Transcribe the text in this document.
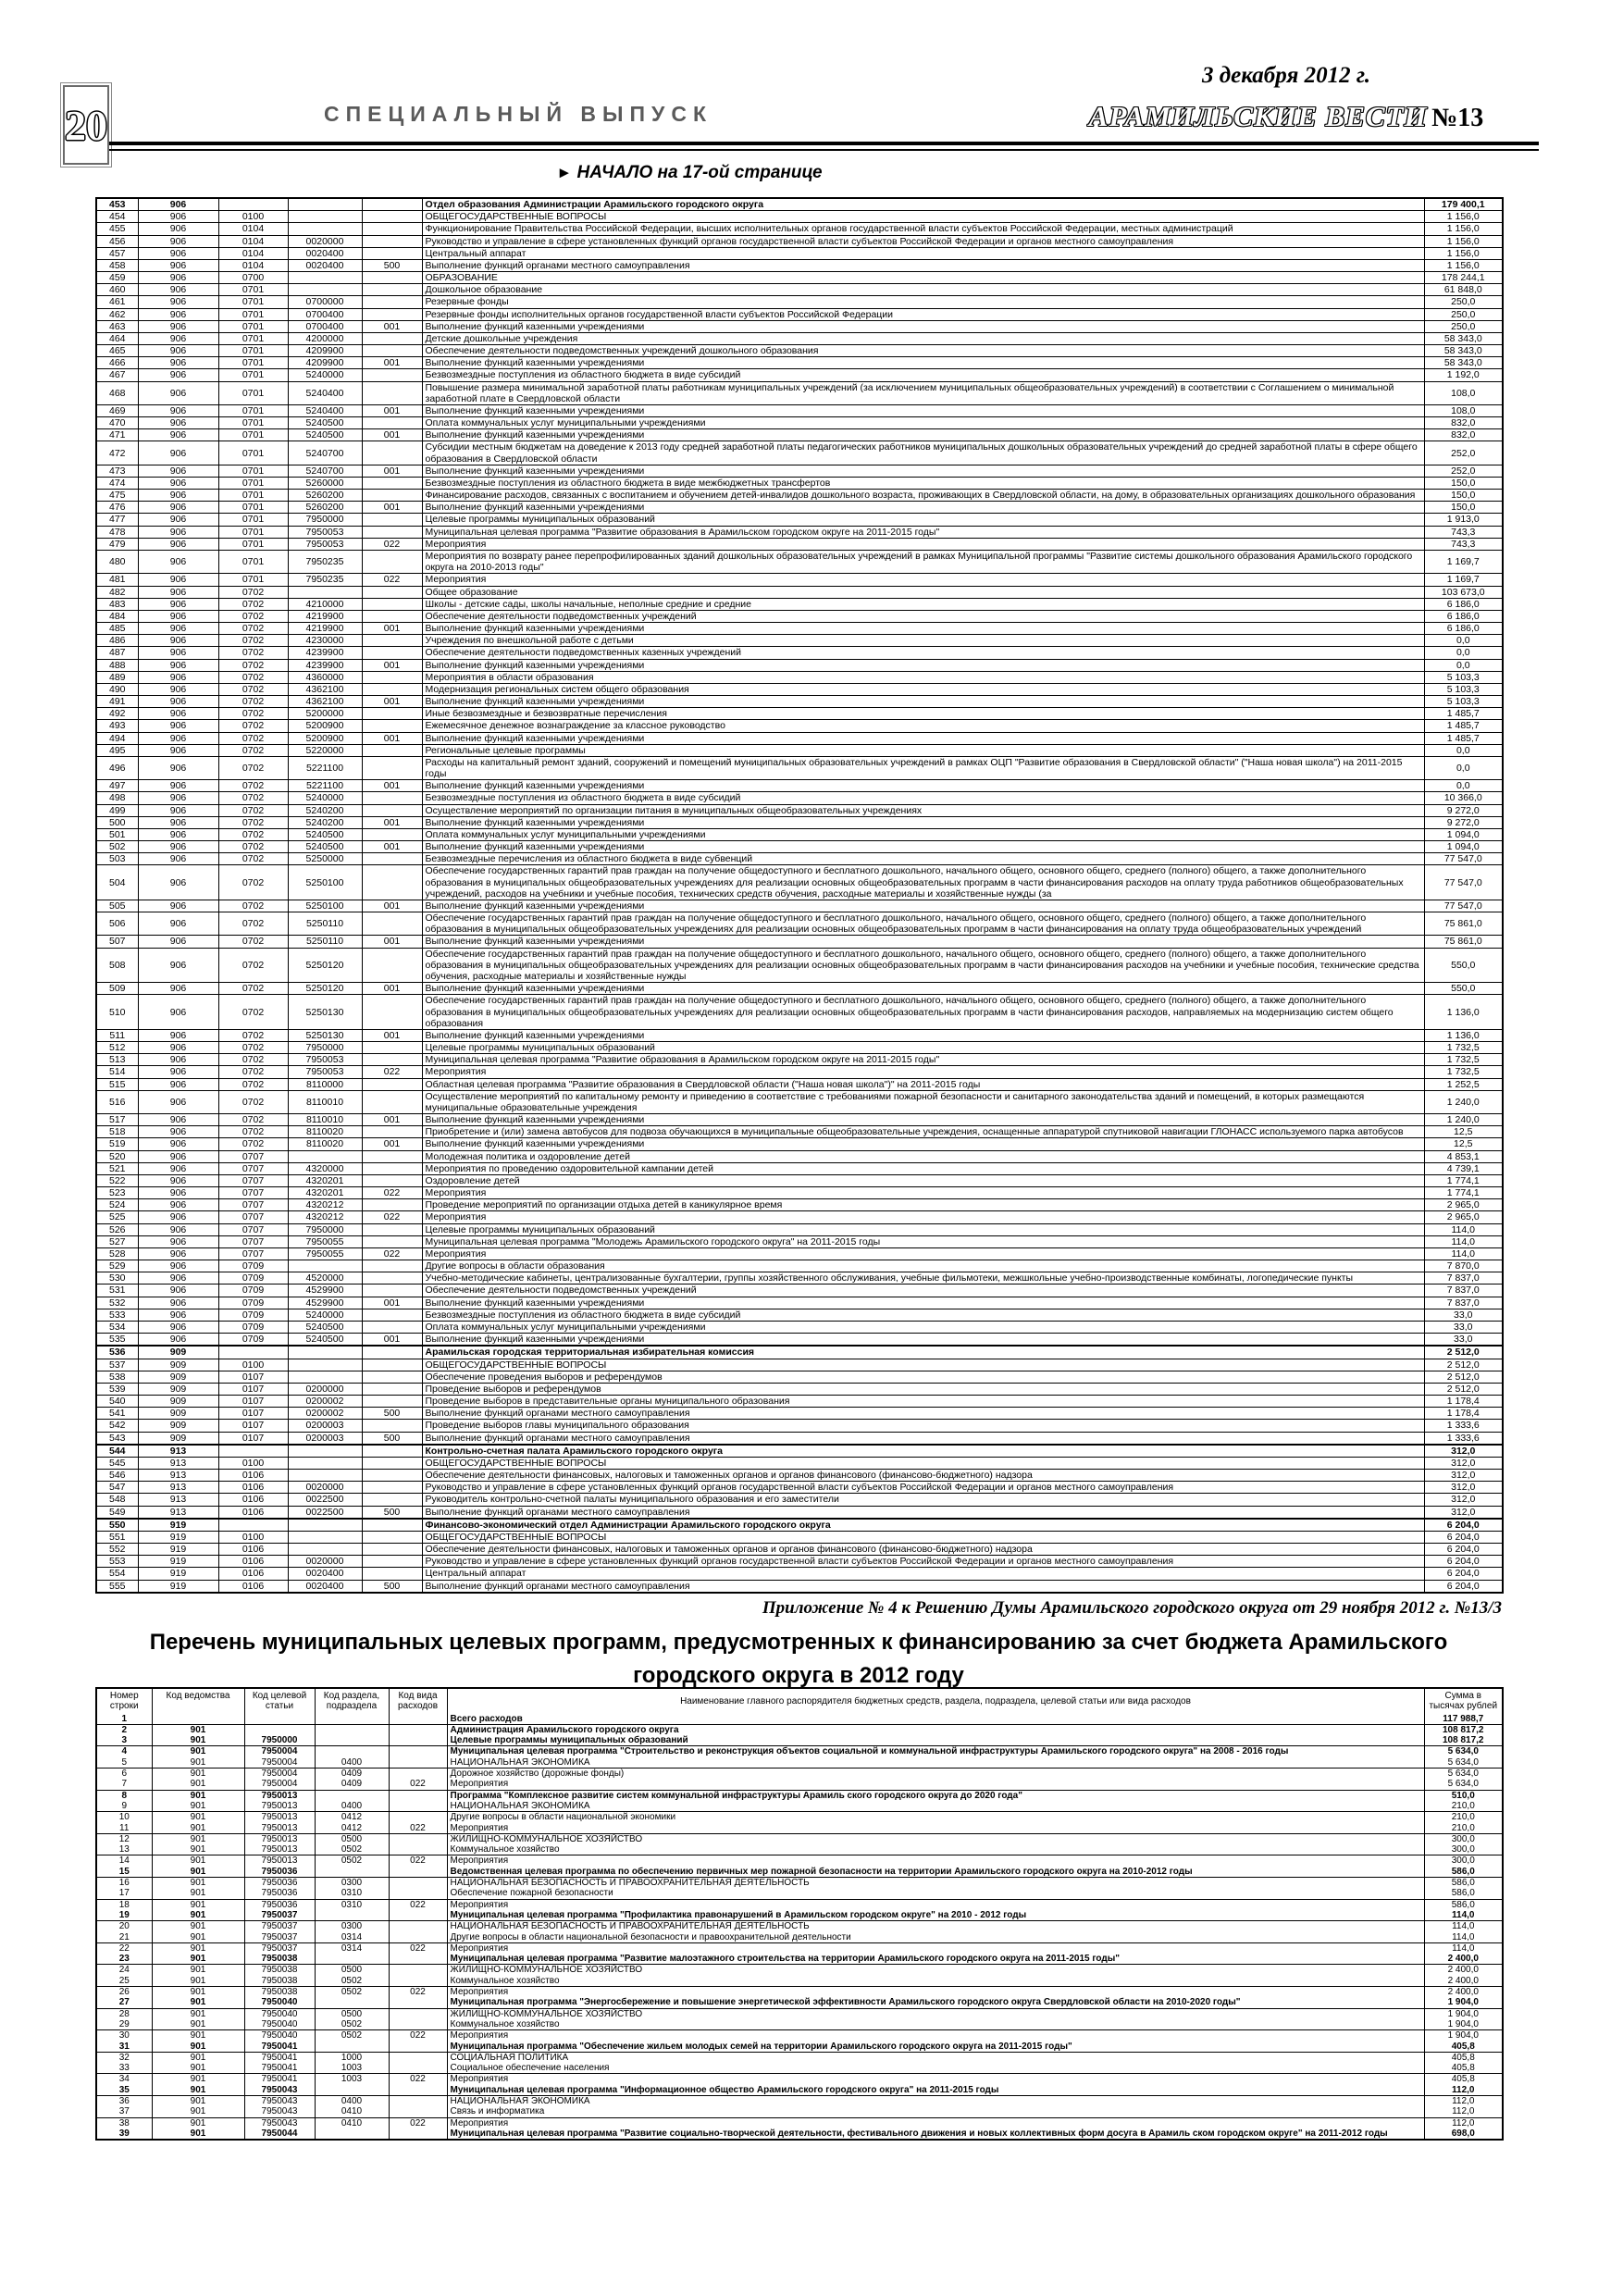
20	СПЕЦИАЛЬНЫЙ ВЫПУСК
3 декабря 2012 г.
АРАМИЛЬСКИЕ ВЕСТИ №13
► НАЧАЛО на 17-ой странице
453	906				Отдел образования Администрации Арамильского городского округа	179 400,1
454	906	0100			ОБЩЕГОСУДАРСТВЕННЫЕ ВОПРОСЫ	1 156,0
455	906	0104			Функционирование Правительства Российской Федерации, высших исполнительных органов государственной власти субъектов Российской Федерации, местных администраций	1 156,0
456	906	0104	0020000		Руководство и управление в сфере установленных функций органов государственной власти субъектов Российской Федерации и органов местного самоуправления	1 156,0
457	906	0104	0020400		Центральный аппарат	1 156,0
458	906	0104	0020400	500	Выполнение функций органами местного самоуправления	1 156,0
459	906	0700			ОБРАЗОВАНИЕ	178 244,1
460	906	0701			Дошкольное образование	61 848,0
461	906	0701	0700000		Резервные фонды	250,0
462	906	0701	0700400		Резервные фонды исполнительных органов государственной власти субъектов Российской Федерации	250,0
463	906	0701	0700400	001	Выполнение функций казенными учреждениями	250,0
464	906	0701	4200000		Детские дошкольные учреждения	58 343,0
465	906	0701	4209900		Обеспечение деятельности подведомственных учреждений дошкольного образования	58 343,0
466	906	0701	4209900	001	Выполнение функций казенными учреждениями	58 343,0
467	906	0701	5240000		Безвозмездные поступления из областного бюджета в виде субсидий	1 192,0
468	906	0701	5240400		Повышение размера минимальной заработной платы работникам муниципальных учреждений (за исключением муниципальных общеобразовательных учреждений) в соответствии с Соглашением о минимальной заработной плате в Свердловской области	108,0
469	906	0701	5240400	001	Выполнение функций казенными учреждениями	108,0
470	906	0701	5240500		Оплата коммунальных услуг муниципальными учреждениями	832,0
471	906	0701	5240500	001	Выполнение функций казенными учреждениями	832,0
472	906	0701	5240700		Субсидии местным бюджетам на доведение к 2013 году средней заработной платы педагогических работников муниципальных дошкольных образовательных учреждений до средней заработной платы в сфере общего образования в Свердловской области	252,0
473	906	0701	5240700	001	Выполнение функций казенными учреждениями	252,0
474	906	0701	5260000		Безвозмездные поступления из областного бюджета в виде межбюджетных трансфертов	150,0
475	906	0701	5260200		Финансирование расходов, связанных с воспитанием и обучением детей-инвалидов дошкольного возраста, проживающих в Свердловской области, на дому, в образовательных организациях дошкольного образования	150,0
476	906	0701	5260200	001	Выполнение функций казенными учреждениями	150,0
477	906	0701	7950000		Целевые программы муниципальных образований	1 913,0
478	906	0701	7950053		Муниципальная целевая программа "Развитие образования в Арамильском городском округе на 2011-2015 годы"	743,3
479	906	0701	7950053	022	Мероприятия	743,3
480	906	0701	7950235		Мероприятия по возврату ранее перепрофилированных зданий дошкольных образовательных учреждений в рамках Муниципальной программы "Развитие системы дошкольного образования Арамильского городского округа на 2010-2013 годы"	1 169,7
481	906	0701	7950235	022	Мероприятия	1 169,7
482	906	0702			Общее образование	103 673,0
483	906	0702	4210000		Школы - детские сады, школы начальные, неполные средние и средние	6 186,0
484	906	0702	4219900		Обеспечение деятельности подведомственных учреждений	6 186,0
485	906	0702	4219900	001	Выполнение функций казенными учреждениями	6 186,0
486	906	0702	4230000		Учреждения по внешкольной работе с детьми	0,0
487	906	0702	4239900		Обеспечение деятельности подведомственных казенных учреждений	0,0
488	906	0702	4239900	001	Выполнение функций казенными учреждениями	0,0
489	906	0702	4360000		Мероприятия в области образования	5 103,3
490	906	0702	4362100		Модернизация региональных систем общего образования	5 103,3
491	906	0702	4362100	001	Выполнение функций казенными учреждениями	5 103,3
492	906	0702	5200000		Иные безвозмездные и безвозвратные перечисления	1 485,7
493	906	0702	5200900		Ежемесячное денежное вознаграждение за классное руководство	1 485,7
494	906	0702	5200900	001	Выполнение функций казенными учреждениями	1 485,7
495	906	0702	5220000		Региональные целевые программы	0,0
496	906	0702	5221100		Расходы на капитальный ремонт зданий, сооружений и помещений муниципальных образовательных учреждений в рамках ОЦП "Развитие образования в Свердловской области" ("Наша новая школа") на 2011-2015 годы	0,0
497	906	0702	5221100	001	Выполнение функций казенными учреждениями	0,0
498	906	0702	5240000		Безвозмездные поступления из областного бюджета в виде субсидий	10 366,0
499	906	0702	5240200		Осуществление мероприятий по организации питания в муниципальных общеобразовательных учреждениях	9 272,0
500	906	0702	5240200	001	Выполнение функций казенными учреждениями	9 272,0
501	906	0702	5240500		Оплата коммунальных услуг муниципальными учреждениями	1 094,0
502	906	0702	5240500	001	Выполнение функций казенными учреждениями	1 094,0
503	906	0702	5250000		Безвозмездные перечисления из областного бюджета в виде субвенций	77 547,0
504	906	0702	5250100		Обеспечение государственных гарантий прав граждан на получение общедоступного и бесплатного дошкольного, начального общего, основного общего, среднего (полного) общего, а также дополнительного образования в муниципальных общеобразовательных учреждениях для реализации основных общеобразовательных программ в части финансирования расходов на оплату труда работников общеобразовательных учреждений, расходов на учебники и учебные пособия, технических средств обучения, расходные материалы и хозяйственные нужды (за	77 547,0
505	906	0702	5250100	001	Выполнение функций казенными учреждениями	77 547,0
506	906	0702	5250110		Обеспечение государственных гарантий прав граждан на получение общедоступного и бесплатного дошкольного, начального общего, основного общего, среднего (полного) общего, а также дополнительного образования в муниципальных общеобразовательных учреждениях для реализации основных общеобразовательных программ в части финансирования на оплату труда общеобразовательных учреждений	75 861,0
507	906	0702	5250110	001	Выполнение функций казенными учреждениями	75 861,0
508	906	0702	5250120		Обеспечение государственных гарантий прав граждан на получение общедоступного и бесплатного дошкольного, начального общего, основного общего, среднего (полного) общего, а также дополнительного образования в муниципальных общеобразовательных учреждениях для реализации основных общеобразовательных программ в части финансирования расходов на учебники и учебные пособия, технические средства обучения, расходные материалы и хозяйственные нужды	550,0
509	906	0702	5250120	001	Выполнение функций казенными учреждениями	550,0
510	906	0702	5250130		Обеспечение государственных гарантий прав граждан на получение общедоступного и бесплатного дошкольного, начального общего, основного общего, среднего (полного) общего, а также дополнительного образования в муниципальных общеобразовательных учреждениях для реализации основных общеобразовательных программ в части финансирования расходов, направляемых на модернизацию систем общего образования	1 136,0
511	906	0702	5250130	001	Выполнение функций казенными учреждениями	1 136,0
512	906	0702	7950000		Целевые программы муниципальных образований	1 732,5
513	906	0702	7950053		Муниципальная целевая программа "Развитие образования в Арамильском городском округе на 2011-2015 годы"	1 732,5
514	906	0702	7950053	022	Мероприятия	1 732,5
515	906	0702	8110000		Областная целевая программа "Развитие образования в Свердловской области ("Наша новая школа")" на 2011-2015 годы	1 252,5
516	906	0702	8110010		Осуществление мероприятий по капитальному ремонту и приведению в соответствие с требованиями пожарной безопасности и санитарного законодательства зданий и помещений, в которых размещаются муниципальные образовательные учреждения	1 240,0
517	906	0702	8110010	001	Выполнение функций казенными учреждениями	1 240,0
518	906	0702	8110020		Приобретение и (или) замена автобусов для подвоза обучающихся в муниципальные общеобразовательные учреждения, оснащенные аппаратурой спутниковой навигации ГЛОНАСС используемого парка автобусов	12,5
519	906	0702	8110020	001	Выполнение функций казенными учреждениями	12,5
520	906	0707			Молодежная политика и оздоровление детей	4 853,1
521	906	0707	4320000		Мероприятия по проведению оздоровительной кампании детей	4 739,1
522	906	0707	4320201		Оздоровление детей	1 774,1
523	906	0707	4320201	022	Мероприятия	1 774,1
524	906	0707	4320212		Проведение мероприятий по организации отдыха детей в каникулярное время	2 965,0
525	906	0707	4320212	022	Мероприятия	2 965,0
526	906	0707	7950000		Целевые программы муниципальных образований	114,0
527	906	0707	7950055		Муниципальная целевая программа "Молодежь Арамильского городского округа" на 2011-2015 годы	114,0
528	906	0707	7950055	022	Мероприятия	114,0
529	906	0709			Другие вопросы в области образования	7 870,0
530	906	0709	4520000		Учебно-методические кабинеты, централизованные бухгалтерии, группы хозяйственного обслуживания, учебные фильмотеки, межшкольные учебно-производственные комбинаты, логопедические пункты	7 837,0
531	906	0709	4529900		Обеспечение деятельности подведомственных учреждений	7 837,0
532	906	0709	4529900	001	Выполнение функций казенными учреждениями	7 837,0
533	906	0709	5240000		Безвозмездные поступления из областного бюджета в виде субсидий	33,0
534	906	0709	5240500		Оплата коммунальных услуг муниципальными учреждениями	33,0
535	906	0709	5240500	001	Выполнение функций казенными учреждениями	33,0
536	909				Арамильская городская территориальная избирательная комиссия	2 512,0
537	909	0100			ОБЩЕГОСУДАРСТВЕННЫЕ ВОПРОСЫ	2 512,0
538	909	0107			Обеспечение проведения выборов и референдумов	2 512,0
539	909	0107	0200000		Проведение выборов и референдумов	2 512,0
540	909	0107	0200002		Проведение выборов в представительные органы муниципального образования	1 178,4
541	909	0107	0200002	500	Выполнение функций органами местного самоуправления	1 178,4
542	909	0107	0200003		Проведение выборов главы муниципального образования	1 333,6
543	909	0107	0200003	500	Выполнение функций органами местного самоуправления	1 333,6
544	913				Контрольно-счетная палата Арамильского городского округа	312,0
545	913	0100			ОБЩЕГОСУДАРСТВЕННЫЕ ВОПРОСЫ	312,0
546	913	0106			Обеспечение деятельности финансовых, налоговых и таможенных органов и органов финансового (финансово-бюджетного) надзора	312,0
547	913	0106	0020000		Руководство и управление в сфере установленных функций органов государственной власти субъектов Российской Федерации и органов местного самоуправления	312,0
548	913	0106	0022500		Руководитель контрольно-счетной палаты муниципального образования и его заместители	312,0
549	913	0106	0022500	500	Выполнение функций органами местного самоуправления	312,0
550	919				Финансово-экономический отдел Администрации Арамильского городского округа	6 204,0
551	919	0100			ОБЩЕГОСУДАРСТВЕННЫЕ ВОПРОСЫ	6 204,0
552	919	0106			Обеспечение деятельности финансовых, налоговых и таможенных органов и органов финансового (финансово-бюджетного) надзора	6 204,0
553	919	0106	0020000		Руководство и управление в сфере установленных функций органов государственной власти субъектов Российской Федерации и органов местного самоуправления	6 204,0
554	919	0106	0020400		Центральный аппарат	6 204,0
555	919	0106	0020400	500	Выполнение функций органами местного самоуправления	6 204,0
Приложение № 4 к Решению Думы Арамильского городского округа от 29 ноября 2012 г. №13/3
Перечень муниципальных целевых программ, предусмотренных к финансированию за счет бюджета Арамильского городского округа в 2012 году
Номер строки	Код ведомства	Код целевой статьи	Код раздела, подраздела	Код вида расходов	Наименование главного распорядителя бюджетных средств, раздела, подраздела, целевой статьи или вида расходов	Сумма в тысячах рублей
1					Всего расходов	117 988,7
2	901				Администрация Арамильского городского округа	108 817,2
3	901	7950000			Целевые программы муниципальных образований	108 817,2
4	901	7950004			Муниципальная целевая программа "Строительство и реконструкция объектов социальной и коммунальной инфраструктуры Арамильского городского округа" на 2008 - 2016 годы	5 634,0
5	901	7950004	0400		НАЦИОНАЛЬНАЯ ЭКОНОМИКА	5 634,0
6	901	7950004	0409		Дорожное хозяйство (дорожные фонды)	5 634,0
7	901	7950004	0409	022	Мероприятия	5 634,0
8	901	7950013			Программа "Комплексное развитие систем коммунальной инфраструктуры Арамиль ского городского округа до 2020 года"	510,0
9	901	7950013	0400		НАЦИОНАЛЬНАЯ ЭКОНОМИКА	210,0
10	901	7950013	0412		Другие вопросы в области национальной экономики	210,0
11	901	7950013	0412	022	Мероприятия	210,0
12	901	7950013	0500		ЖИЛИЩНО-КОММУНАЛЬНОЕ ХОЗЯЙСТВО	300,0
13	901	7950013	0502		Коммунальное хозяйство	300,0
14	901	7950013	0502	022	Мероприятия	300,0
15	901	7950036			Ведомственная целевая программа по обеспечению первичных мер пожарной безопасности на территории Арамильского городского округа на 2010-2012 годы	586,0
16	901	7950036	0300		НАЦИОНАЛЬНАЯ БЕЗОПАСНОСТЬ И ПРАВООХРАНИТЕЛЬНАЯ ДЕЯТЕЛЬНОСТЬ	586,0
17	901	7950036	0310		Обеспечение пожарной безопасности	586,0
18	901	7950036	0310	022	Мероприятия	586,0
19	901	7950037			Муниципальная целевая программа "Профилактика правонарушений в Арамильском городском округе" на 2010 - 2012 годы	114,0
20	901	7950037	0300		НАЦИОНАЛЬНАЯ БЕЗОПАСНОСТЬ И ПРАВООХРАНИТЕЛЬНАЯ ДЕЯТЕЛЬНОСТЬ	114,0
21	901	7950037	0314		Другие вопросы в области национальной безопасности и правоохранительной деятельности	114,0
22	901	7950037	0314	022	Мероприятия	114,0
23	901	7950038			Муниципальная целевая программа "Развитие малоэтажного строительства на территории Арамильского городского округа на 2011-2015 годы"	2 400,0
24	901	7950038	0500		ЖИЛИЩНО-КОММУНАЛЬНОЕ ХОЗЯЙСТВО	2 400,0
25	901	7950038	0502		Коммунальное хозяйство	2 400,0
26	901	7950038	0502	022	Мероприятия	2 400,0
27	901	7950040			Муниципальная программа "Энергосбережение и повышение энергетической эффективности Арамильского городского округа Свердловской области на 2010-2020 годы"	1 904,0
28	901	7950040	0500		ЖИЛИЩНО-КОММУНАЛЬНОЕ ХОЗЯЙСТВО	1 904,0
29	901	7950040	0502		Коммунальное хозяйство	1 904,0
30	901	7950040	0502	022	Мероприятия	1 904,0
31	901	7950041			Муниципальная программа "Обеспечение жильем молодых семей на территории Арамильского городского округа на 2011-2015 годы"	405,8
32	901	7950041	1000		СОЦИАЛЬНАЯ ПОЛИТИКА	405,8
33	901	7950041	1003		Социальное обеспечение населения	405,8
34	901	7950041	1003	022	Мероприятия	405,8
35	901	7950043			Муниципальная целевая программа "Информационное общество Арамильского городского округа" на 2011-2015 годы	112,0
36	901	7950043	0400		НАЦИОНАЛЬНАЯ ЭКОНОМИКА	112,0
37	901	7950043	0410		Связь и информатика	112,0
38	901	7950043	0410	022	Мероприятия	112,0
39	901	7950044			Муниципальная целевая программа "Развитие социально-творческой деятельности, фестивального движения и новых коллективных форм досуга в Арамиль ском городском округе" на 2011-2012 годы	698,0
